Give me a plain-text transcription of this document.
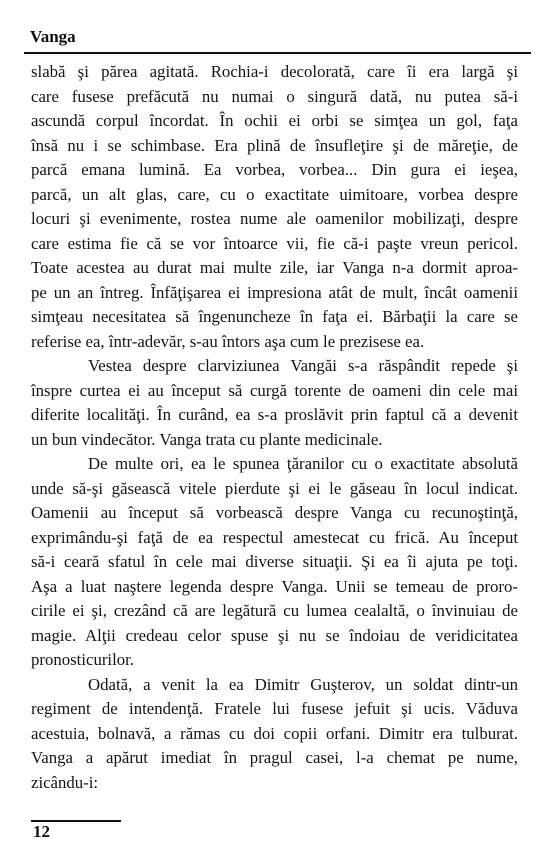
Vanga
slabă şi părea agitată. Rochia-i decolorată, care îi era largă şi
care fusese prefăcută nu numai o singură dată, nu putea să-i
ascundă corpul încordat. În ochii ei orbi se simţea un gol, faţa
însă nu i se schimbase. Era plină de însufleţire şi de măreţie, de
parcă emana lumină. Ea vorbea, vorbea... Din gura ei ieşea,
parcă, un alt glas, care, cu o exactitate uimitoare, vorbea despre
locuri şi evenimente, rostea nume ale oamenilor mobilizaţi, despre
care estima fie că se vor întoarce vii, fie că-i paşte vreun pericol.
Toate acestea au durat mai multe zile, iar Vanga n-a dormit aproa-
pe un an întreg. Înfăţişarea ei impresiona atât de mult, încât oamenii
simţeau necesitatea să îngenuncheze în faţa ei. Bărbaţii la care se
referise ea, într-adevăr, s-au întors aşa cum le prezisese ea.
Vestea despre clarviziunea Vangăi s-a răspândit repede şi
înspre curtea ei au început să curgă torente de oameni din cele mai
diferite localităţi. În curând, ea s-a proslăvit prin faptul că a devenit
un bun vindecător. Vanga trata cu plante medicinale.
De multe ori, ea le spunea ţăranilor cu o exactitate absolută
unde să-şi găsească vitele pierdute şi ei le găseau în locul indicat.
Oamenii au început să vorbească despre Vanga cu recunoştinţă,
exprimându-şi faţă de ea respectul amestecat cu frică. Au început
să-i ceară sfatul în cele mai diverse situaţii. Şi ea îi ajuta pe toţi.
Aşa a luat naştere legenda despre Vanga. Unii se temeau de proro-
cirile ei şi, crezând că are legătură cu lumea cealaltă, o învinuiau de
magie. Alţii credeau celor spuse şi nu se îndoiau de veridicitatea
pronosticurilor.
Odată, a venit la ea Dimitr Guşterov, un soldat dintr-un
regiment de intendenţă. Fratele lui fusese jefuit şi ucis. Văduva
acestuia, bolnavă, a rămas cu doi copii orfani. Dimitr era tulburat.
Vanga a apărut imediat în pragul casei, l-a chemat pe nume,
zicându-i:
12
